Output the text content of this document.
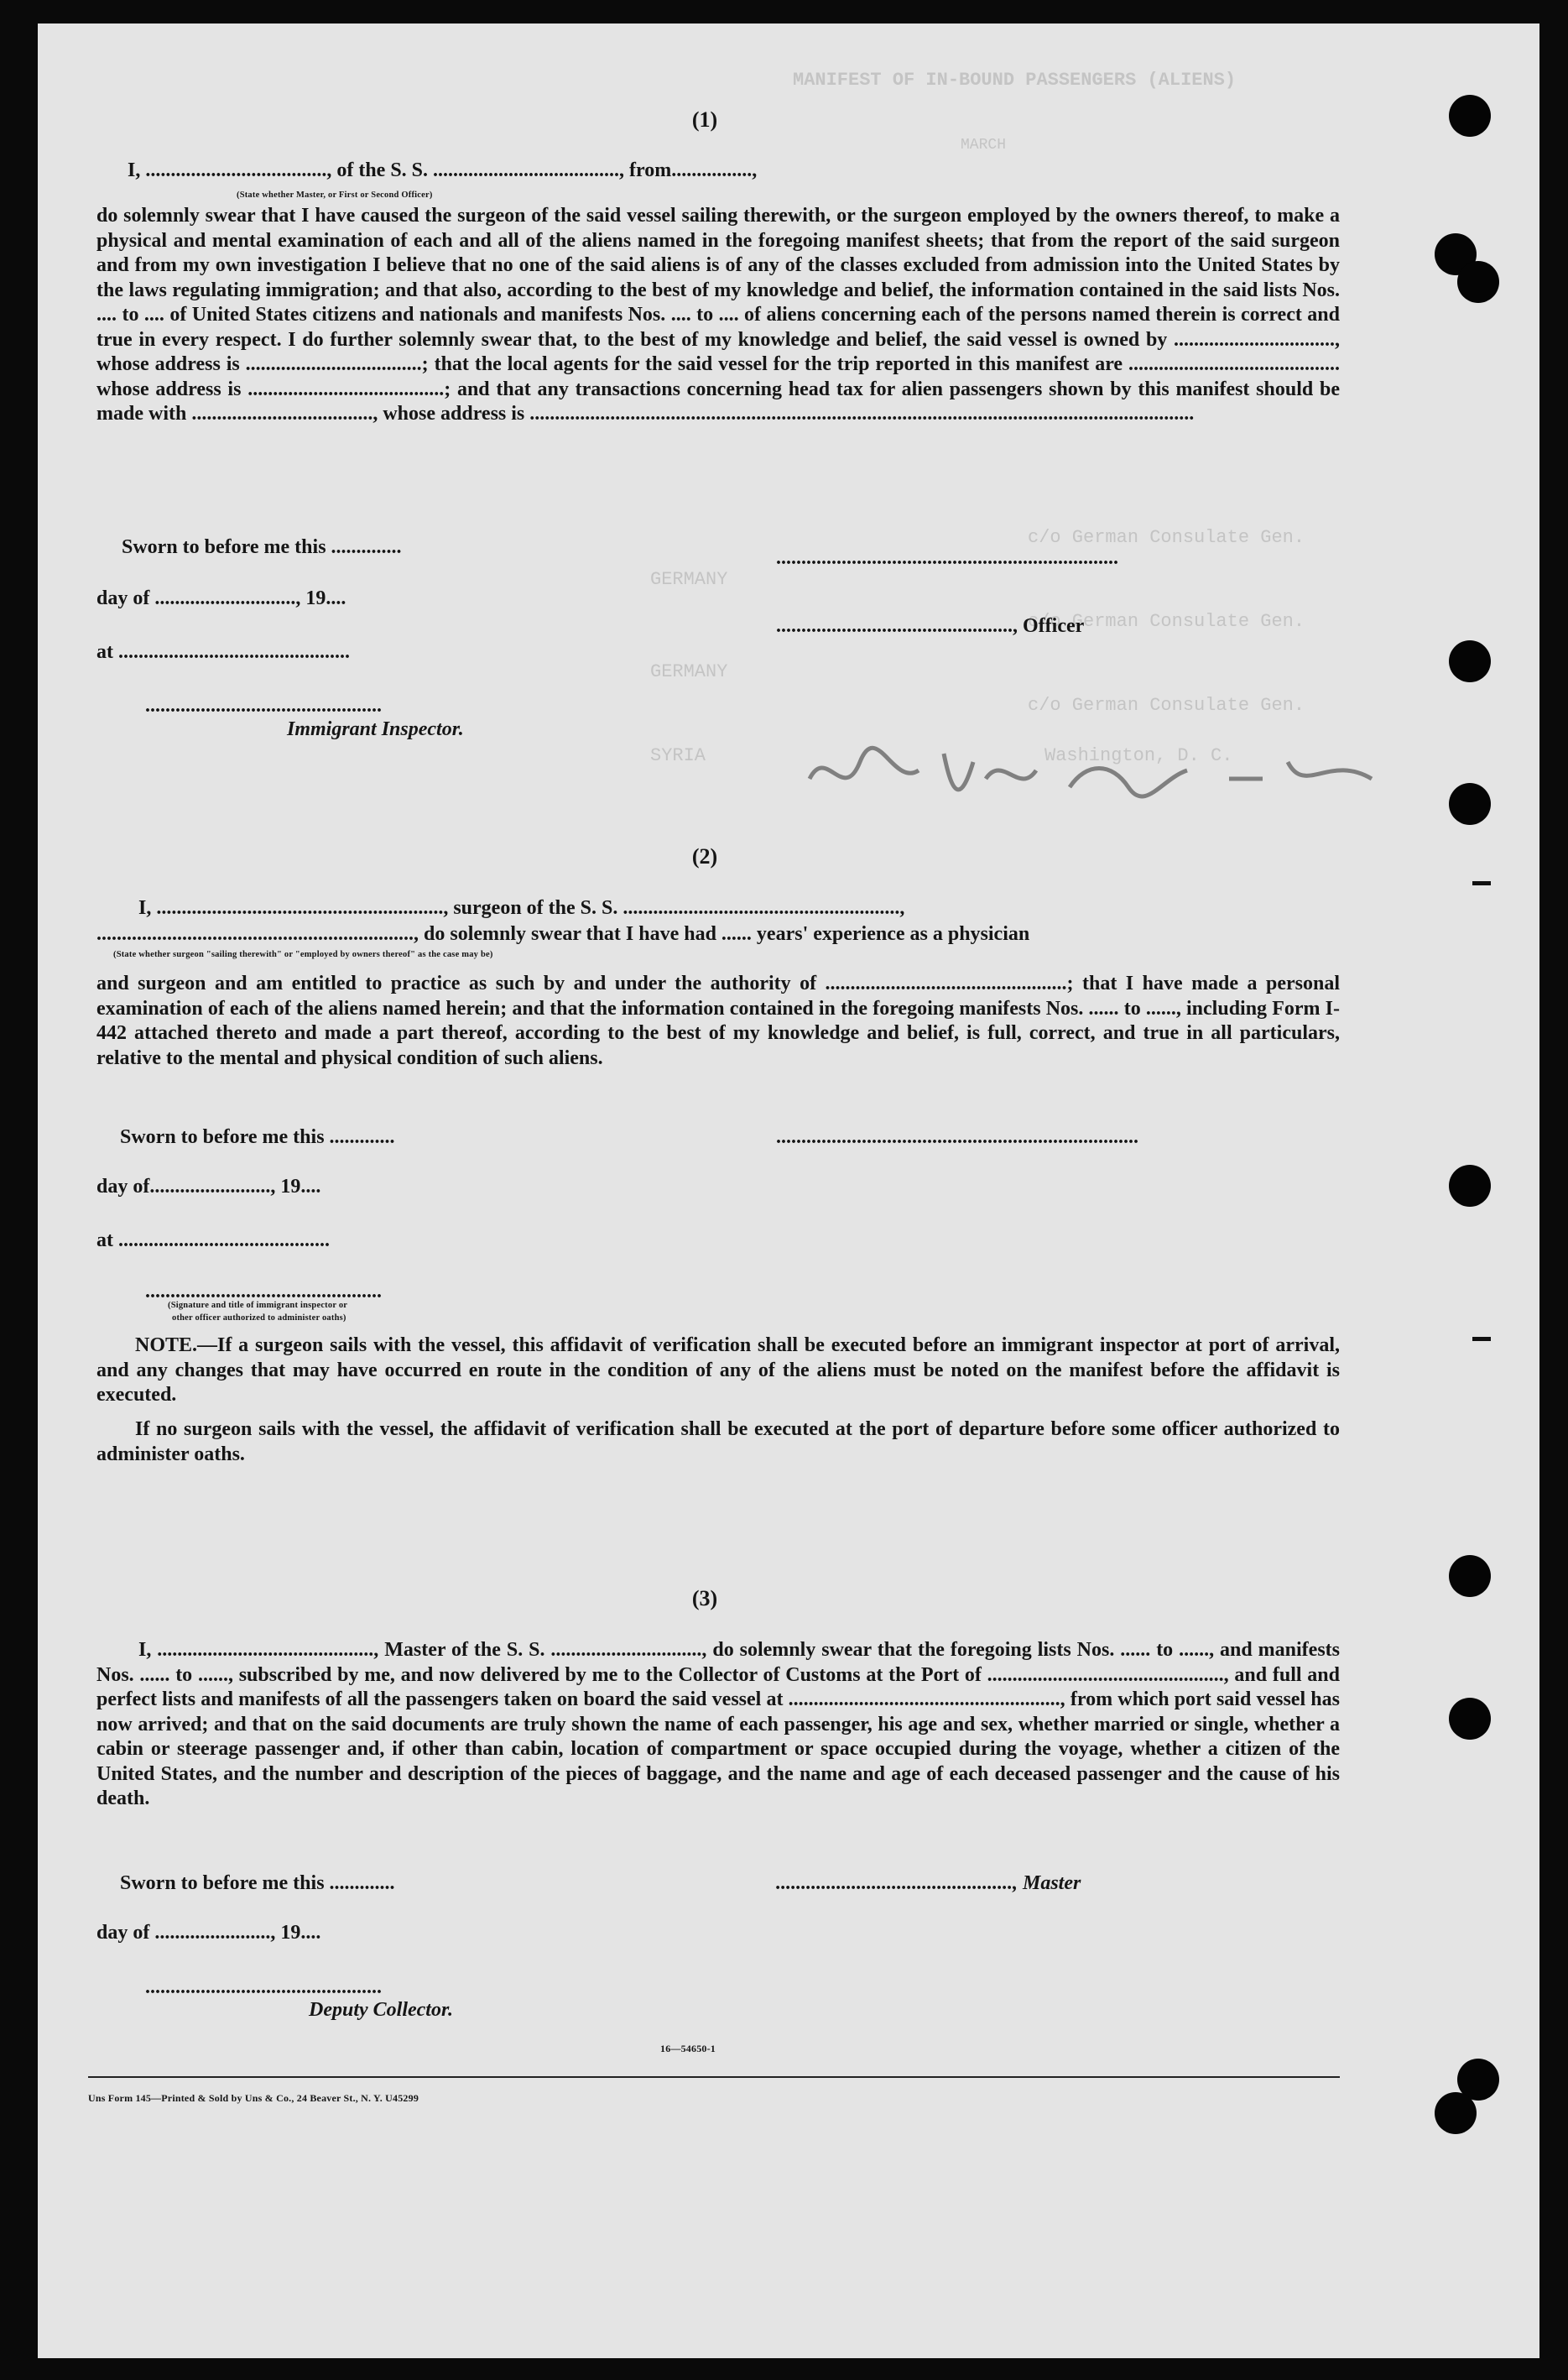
MANIFEST OF IN-BOUND PASSENGERS (ALIENS)
MARCH
c/o German Consulate Gen.
c/o German Consulate Gen.
c/o German Consulate Gen.
GERMANY
GERMANY
SYRIA	Washington, D. C.
(1)
I, ...................................., of the S. S. ....................................., from................,
(State whether Master, or First or Second Officer)
do solemnly swear that I have caused the surgeon of the said vessel sailing therewith, or the surgeon employed by the owners thereof, to make a physical and mental examination of each and all of the aliens named in the foregoing manifest sheets; that from the report of the said surgeon and from my own investigation I believe that no one of the said aliens is of any of the classes excluded from admission into the United States by the laws regulating immigration; and that also, according to the best of my knowledge and belief, the information contained in the said lists Nos. .... to .... of United States citizens and nationals and manifests Nos. .... to .... of aliens concerning each of the persons named therein is correct and true in every respect. I do further solemnly swear that, to the best of my knowledge and belief, the said vessel is owned by ................................, whose address is ...................................; that the local agents for the said vessel for the trip reported in this manifest are .......................................... whose address is .......................................; and that any transactions concerning head tax for alien passengers shown by this manifest should be made with ...................................., whose address is ....................................................................................................................................
Sworn to before me this ..............	....................................................................
day of ............................, 19....
..............................................., Officer
at ..............................................
...............................................
Immigrant Inspector.
(2)
I, ........................................................., surgeon of the S. S. .......................................................,
..............................................................., do solemnly swear that I have had ...... years' experience as a physician
(State whether surgeon "sailing therewith" or "employed by owners thereof" as the case may be)
and surgeon and am entitled to practice as such by and under the authority of ................................................; that I have made a personal examination of each of the aliens named herein; and that the information contained in the foregoing manifests Nos. ...... to ......, including Form I-442 attached thereto and made a part thereof, according to the best of my knowledge and belief, is full, correct, and true in all particulars, relative to the mental and physical condition of such aliens.
Sworn to before me this .............	........................................................................
day of........................, 19....
at ..........................................
...............................................
(Signature and title of immigrant inspector or
other officer authorized to administer oaths)
NOTE.—If a surgeon sails with the vessel, this affidavit of verification shall be executed before an immigrant inspector at port of arrival, and any changes that may have occurred en route in the condition of any of the aliens must be noted on the manifest before the affidavit is executed.
If no surgeon sails with the vessel, the affidavit of verification shall be executed at the port of departure before some officer authorized to administer oaths.
(3)
I, ..........................................., Master of the S. S. .............................., do solemnly swear that the foregoing lists Nos. ...... to ......, and manifests Nos. ...... to ......, subscribed by me, and now delivered by me to the Collector of Customs at the Port of ..............................................., and full and perfect lists and manifests of all the passengers taken on board the said vessel at ......................................................, from which port said vessel has now arrived; and that on the said documents are truly shown the name of each passenger, his age and sex, whether married or single, whether a cabin or steerage passenger and, if other than cabin, location of compartment or space occupied during the voyage, whether a citizen of the United States, and the number and description of the pieces of baggage, and the name and age of each deceased passenger and the cause of his death.
Sworn to before me this .............	..............................................., Master
day of ......................., 19....
...............................................
Deputy Collector.
16—54650-1
Uns Form 145—Printed & Sold by Uns & Co., 24 Beaver St., N. Y. U45299
